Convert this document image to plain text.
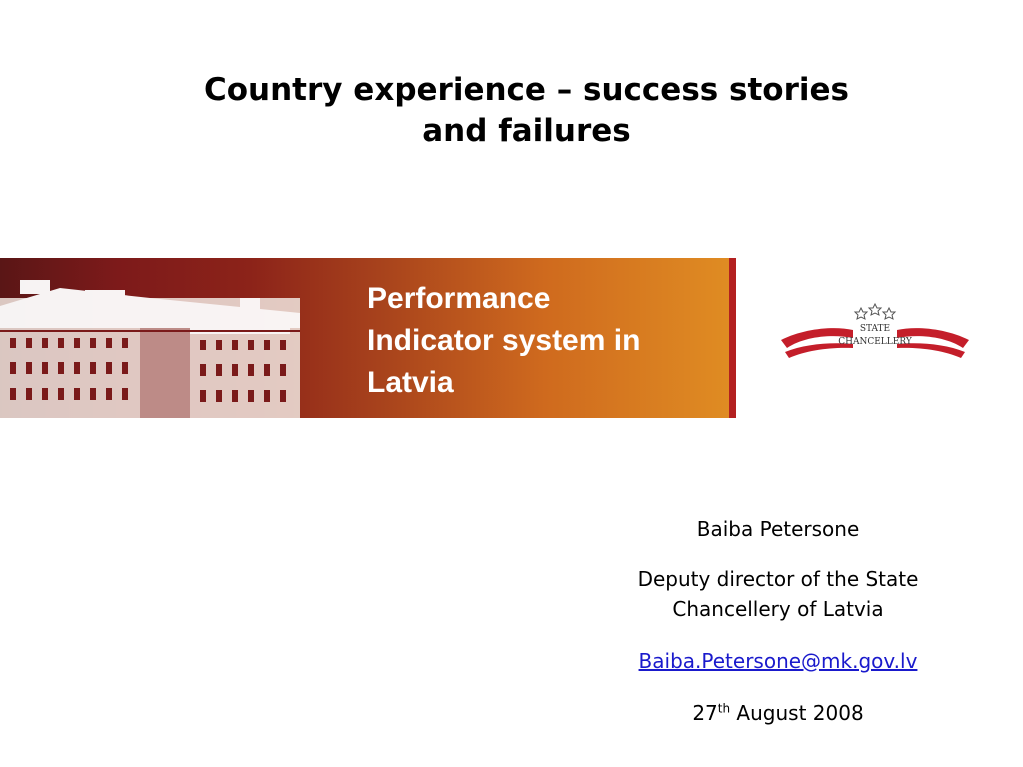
Country experience – success stories
and failures
Performance
Indicator system in
Latvia
STATE
CHANCELLERY

Baiba Petersone

Deputy director of the State
Chancellery of Latvia

Baiba.Petersone@mk.gov.lv

27th August 2008
